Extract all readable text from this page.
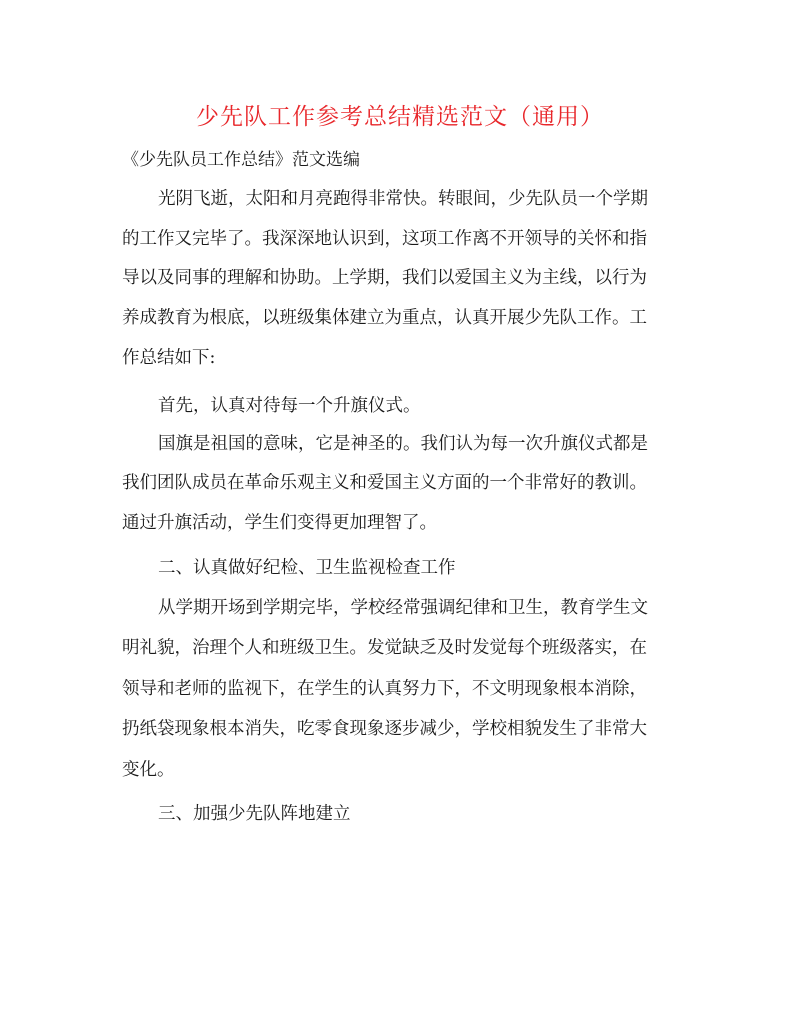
少先队工作参考总结精选范文（通用）
《少先队员工作总结》范文选编
光阴飞逝，太阳和月亮跑得非常快。转眼间，少先队员一个学期
的工作又完毕了。我深深地认识到，这项工作离不开领导的关怀和指
导以及同事的理解和协助。上学期，我们以爱国主义为主线，以行为
养成教育为根底，以班级集体建立为重点，认真开展少先队工作。工
作总结如下:
首先，认真对待每一个升旗仪式。
国旗是祖国的意味，它是神圣的。我们认为每一次升旗仪式都是
我们团队成员在革命乐观主义和爱国主义方面的一个非常好的教训。
通过升旗活动，学生们变得更加理智了。
二、认真做好纪检、卫生监视检查工作
从学期开场到学期完毕，学校经常强调纪律和卫生，教育学生文
明礼貌，治理个人和班级卫生。发觉缺乏及时发觉每个班级落实，在
领导和老师的监视下，在学生的认真努力下，不文明现象根本消除，
扔纸袋现象根本消失，吃零食现象逐步减少，学校相貌发生了非常大
变化。
三、加强少先队阵地建立
